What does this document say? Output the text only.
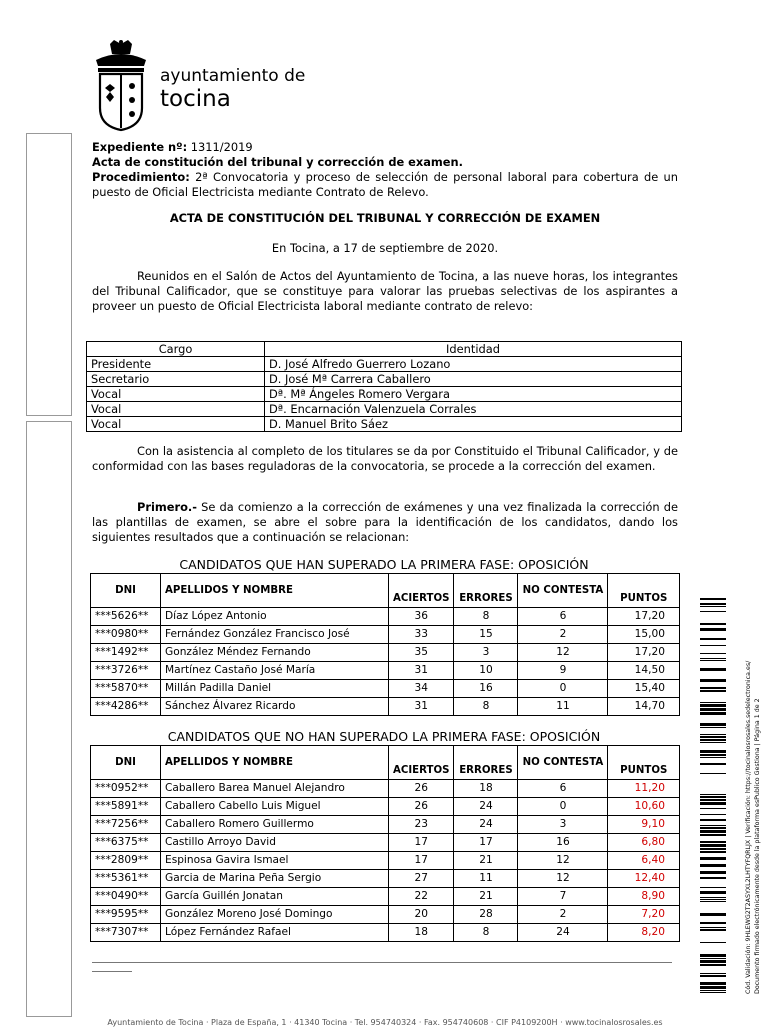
ayuntamiento de
tocina
Expediente nº: 1311/2019
Acta de constitución del tribunal y corrección de examen.
Procedimiento: 2ª Convocatoria y proceso de selección de personal laboral para cobertura de un puesto de Oficial Electricista mediante Contrato de Relevo.
ACTA DE CONSTITUCIÓN DEL TRIBUNAL Y CORRECCIÓN DE EXAMEN
En Tocina, a 17 de septiembre de 2020.
Reunidos en el Salón de Actos del Ayuntamiento de Tocina, a las nueve horas, los integrantes del Tribunal Calificador, que se constituye para valorar las pruebas selectivas de los aspirantes a proveer un puesto de Oficial Electricista laboral mediante contrato de relevo:
Cargo	Identidad
Presidente	D. José Alfredo Guerrero Lozano
Secretario	D. José Mª Carrera Caballero
Vocal	Dª. Mª Ángeles Romero Vergara
Vocal	Dª. Encarnación Valenzuela Corrales
Vocal	D. Manuel Brito Sáez
Con la asistencia al completo de los titulares se da por Constituido el Tribunal Calificador, y de conformidad con las bases reguladoras de la convocatoria, se procede a la corrección del examen.
Primero.- Se da comienzo a la corrección de exámenes y una vez finalizada la corrección de las plantillas de examen, se abre el sobre para la identificación de los candidatos, dando los siguientes resultados que a continuación se relacionan:
CANDIDATOS QUE HAN SUPERADO LA PRIMERA FASE: OPOSICIÓN
DNI	APELLIDOS Y NOMBRE	ACIERTOS	ERRORES	NO CONTESTA	PUNTOS
***5626**	Díaz López Antonio	36	8	6	17,20
***0980**	Fernández González Francisco José	33	15	2	15,00
***1492**	González Méndez Fernando	35	3	12	17,20
***3726**	Martínez Castaño José María	31	10	9	14,50
***5870**	Millán Padilla Daniel	34	16	0	15,40
***4286**	Sánchez Álvarez Ricardo	31	8	11	14,70
CANDIDATOS QUE NO HAN SUPERADO LA PRIMERA FASE: OPOSICIÓN
DNI	APELLIDOS Y NOMBRE	ACIERTOS	ERRORES	NO CONTESTA	PUNTOS
***0952**	Caballero Barea Manuel Alejandro	26	18	6	11,20
***5891**	Caballero Cabello Luis Miguel	26	24	0	10,60
***7256**	Caballero Romero Guillermo	23	24	3	9,10
***6375**	Castillo Arroyo David	17	17	16	6,80
***2809**	Espinosa Gavira Ismael	17	21	12	6,40
***5361**	Garcia de Marina Peña Sergio	27	11	12	12,40
***0490**	García Guillén Jonatan	22	21	7	8,90
***9595**	González Moreno José Domingo	20	28	2	7,20
***7307**	López Fernández Rafael	18	8	24	8,20
Ayuntamiento de Tocina · Plaza de España, 1 · 41340 Tocina · Tel. 954740324 · Fax. 954740608 · CIF P4109200H · www.tocinalosrosales.es
Cód. Validación: 9HLEWG2T2ASYXL2LHTYFQRLJX | Verificación: https://tocinalosrosales.sedelectronica.es/ Documento firmado electrónicamente desde la plataforma esPublico Gestiona | Página 1 de 2
